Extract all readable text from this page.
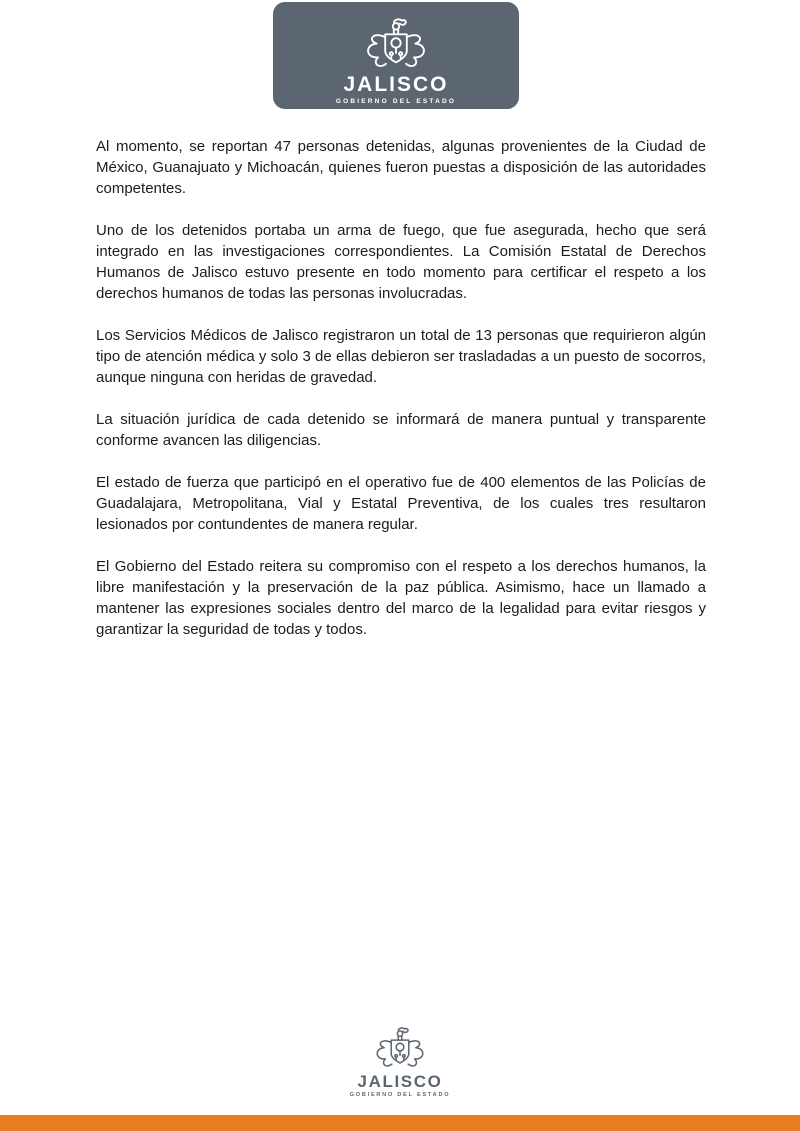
JALISCO
GOBIERNO DEL ESTADO

Al momento, se reportan 47 personas detenidas, algunas provenientes de la Ciudad de México, Guanajuato y Michoacán, quienes fueron puestas a disposición de las autoridades competentes.

Uno de los detenidos portaba un arma de fuego, que fue asegurada, hecho que será integrado en las investigaciones correspondientes. La Comisión Estatal de Derechos Humanos de Jalisco estuvo presente en todo momento para certificar el respeto a los derechos humanos de todas las personas involucradas.

Los Servicios Médicos de Jalisco registraron un total de 13 personas que requirieron algún tipo de atención médica y solo 3 de ellas debieron ser trasladadas a un puesto de socorros, aunque ninguna con heridas de gravedad.

La situación jurídica de cada detenido se informará de manera puntual y transparente conforme avancen las diligencias.

El estado de fuerza que participó en el operativo fue de 400 elementos de las Policías de Guadalajara, Metropolitana, Vial y Estatal Preventiva, de los cuales tres resultaron lesionados por contundentes de manera regular.

El Gobierno del Estado reitera su compromiso con el respeto a los derechos humanos, la libre manifestación y la preservación de la paz pública. Asimismo, hace un llamado a mantener las expresiones sociales dentro del marco de la legalidad para evitar riesgos y garantizar la seguridad de todas y todos.

JALISCO
GOBIERNO DEL ESTADO
